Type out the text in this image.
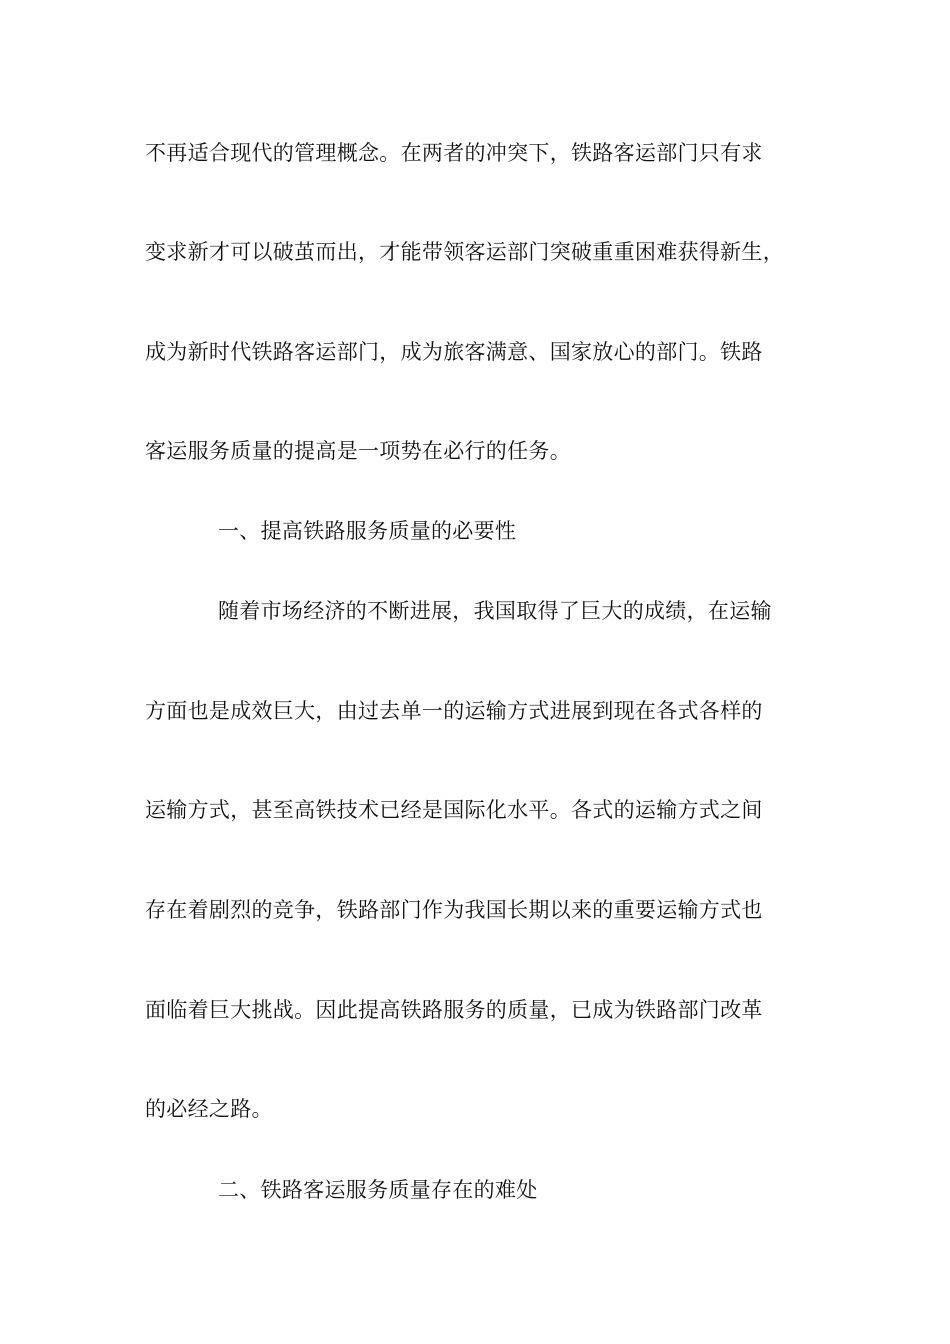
不再适合现代的管理概念。在两者的冲突下，铁路客运部门只有求
变求新才可以破茧而出，才能带领客运部门突破重重困难获得新生，
成为新时代铁路客运部门，成为旅客满意、国家放心的部门。铁路
客运服务质量的提高是一项势在必行的任务。
一、提高铁路服务质量的必要性
随着市场经济的不断进展，我国取得了巨大的成绩，在运输
方面也是成效巨大，由过去单一的运输方式进展到现在各式各样的
运输方式，甚至高铁技术已经是国际化水平。各式的运输方式之间
存在着剧烈的竞争，铁路部门作为我国长期以来的重要运输方式也
面临着巨大挑战。因此提高铁路服务的质量，已成为铁路部门改革
的必经之路。
二、铁路客运服务质量存在的难处
